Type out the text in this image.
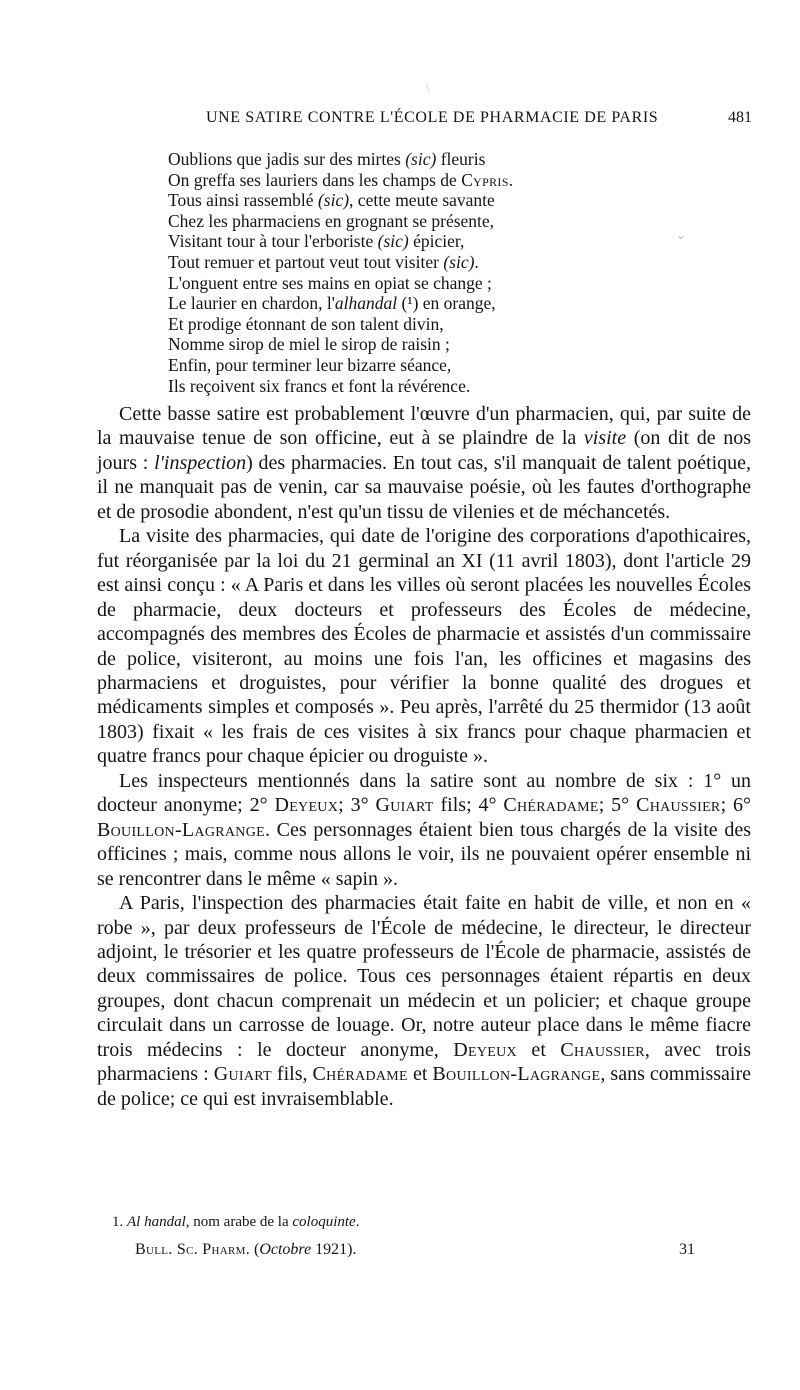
UNE SATIRE CONTRE L'ÉCOLE DE PHARMACIE DE PARIS	481

Oublions que jadis sur des mirtes (sic) fleuris

On greffa ses lauriers dans les champs de Cypris.

Tous ainsi rassemblé (sic), cette meute savante

Chez les pharmaciens en grognant se présente,

Visitant tour à tour l'erboriste (sic) épicier,

Tout remuer et partout veut tout visiter (sic).

L'onguent entre ses mains en opiat se change ;

Le laurier en chardon, l'alhandal (¹) en orange,

Et prodige étonnant de son talent divin,

Nomme sirop de miel le sirop de raisin ;

Enfin, pour terminer leur bizarre séance,

Ils reçoivent six francs et font la révérence.

Cette basse satire est probablement l'œuvre d'un pharmacien, qui, par suite de la mauvaise tenue de son officine, eut à se plaindre de la visite (on dit de nos jours : l'inspection) des pharmacies. En tout cas, s'il manquait de talent poétique, il ne manquait pas de venin, car sa mauvaise poésie, où les fautes d'orthographe et de prosodie abondent, n'est qu'un tissu de vilenies et de méchancetés.

La visite des pharmacies, qui date de l'origine des corporations d'apothicaires, fut réorganisée par la loi du 21 germinal an XI (11 avril 1803), dont l'article 29 est ainsi conçu : « A Paris et dans les villes où seront placées les nouvelles Écoles de pharmacie, deux docteurs et professeurs des Écoles de médecine, accompagnés des membres des Écoles de pharmacie et assistés d'un commissaire de police, visiteront, au moins une fois l'an, les officines et magasins des pharmaciens et droguistes, pour vérifier la bonne qualité des drogues et médicaments simples et composés ». Peu après, l'arrêté du 25 thermidor (13 août 1803) fixait « les frais de ces visites à six francs pour chaque pharmacien et quatre francs pour chaque épicier ou droguiste ».

Les inspecteurs mentionnés dans la satire sont au nombre de six : 1° un docteur anonyme; 2° Deyeux; 3° Guiart fils; 4° Chéradame; 5° Chaussier; 6° Bouillon-Lagrange. Ces personnages étaient bien tous chargés de la visite des officines ; mais, comme nous allons le voir, ils ne pouvaient opérer ensemble ni se rencontrer dans le même « sapin ».

A Paris, l'inspection des pharmacies était faite en habit de ville, et non en « robe », par deux professeurs de l'École de médecine, le directeur, le directeur adjoint, le trésorier et les quatre professeurs de l'École de pharmacie, assistés de deux commissaires de police. Tous ces personnages étaient répartis en deux groupes, dont chacun comprenait un médecin et un policier; et chaque groupe circulait dans un carrosse de louage. Or, notre auteur place dans le même fiacre trois médecins : le docteur anonyme, Deyeux et Chaussier, avec trois pharmaciens : Guiart fils, Chéradame et Bouillon-Lagrange, sans commissaire de police; ce qui est invraisemblable.

1. Al handal, nom arabe de la coloquinte.
Bull. Sc. Pharm. (Octobre 1921).	31
\
⌄
